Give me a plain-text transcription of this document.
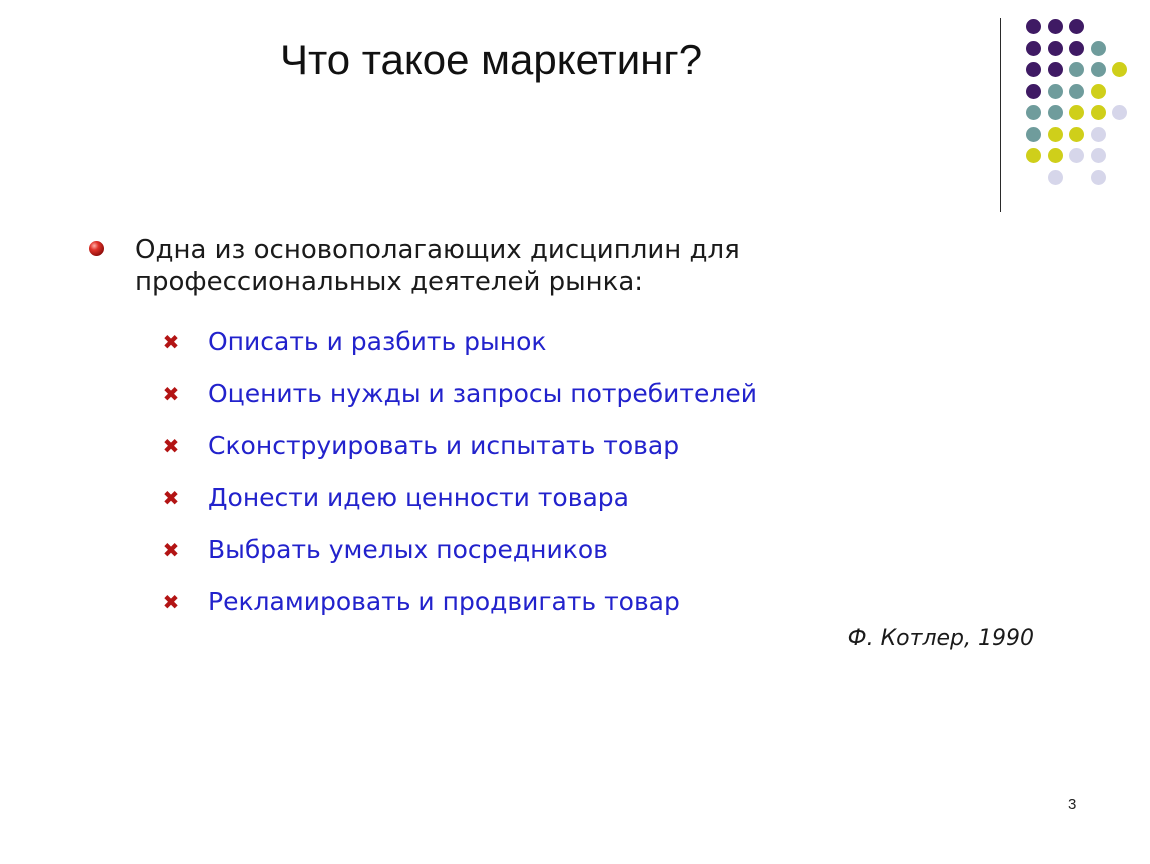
Что такое маркетинг?
Одна из основополагающих дисциплин для профессиональных деятелей рынка:
✖ Описать и разбить рынок
✖ Оценить нужды и запросы потребителей
✖ Сконструировать и испытать товар
✖ Донести идею ценности товара
✖ Выбрать умелых посредников
✖ Рекламировать и продвигать товар
Ф. Котлер, 1990
3
